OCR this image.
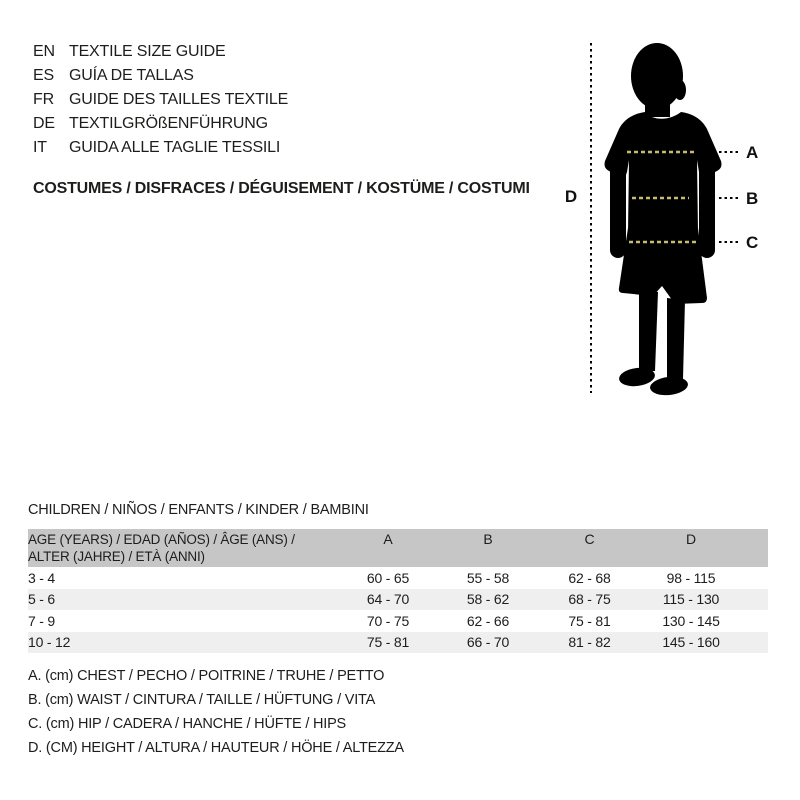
EN TEXTILE SIZE GUIDE
ES GUÍA DE TALLAS
FR GUIDE DES TAILLES TEXTILE
DE TEXTILGRÖßENFÜHRUNG
IT	GUIDA ALLE TAGLIE TESSILI
COSTUMES / DISFRACES / DÉGUISEMENT / KOSTÜME / COSTUMI D
A
B
C
CHILDREN / NIÑOS / ENFANTS / KINDER / BAMBINI
AGE (YEARS) / EDAD (AÑOS) / ÂGE (ANS) /
ALTER (JAHRE) / ETÀ (ANNI)	A	B	C	D	
3 - 4	60 - 65	55 - 58	62 - 68	98 - 115	
5 - 6	64 - 70	58 - 62	68 - 75	115 - 130	
7 - 9	70 - 75	62 - 66	75 - 81	130 - 145	
10 - 12	75 - 81	66 - 70	81 - 82	145 - 160	
A. (cm) CHEST / PECHO / POITRINE / TRUHE / PETTO
B. (cm) WAIST / CINTURA / TAILLE / HÜFTUNG / VITA
C. (cm) HIP / CADERA / HANCHE / HÜFTE / HIPS
D. (CM) HEIGHT / ALTURA / HAUTEUR / HÖHE / ALTEZZA
